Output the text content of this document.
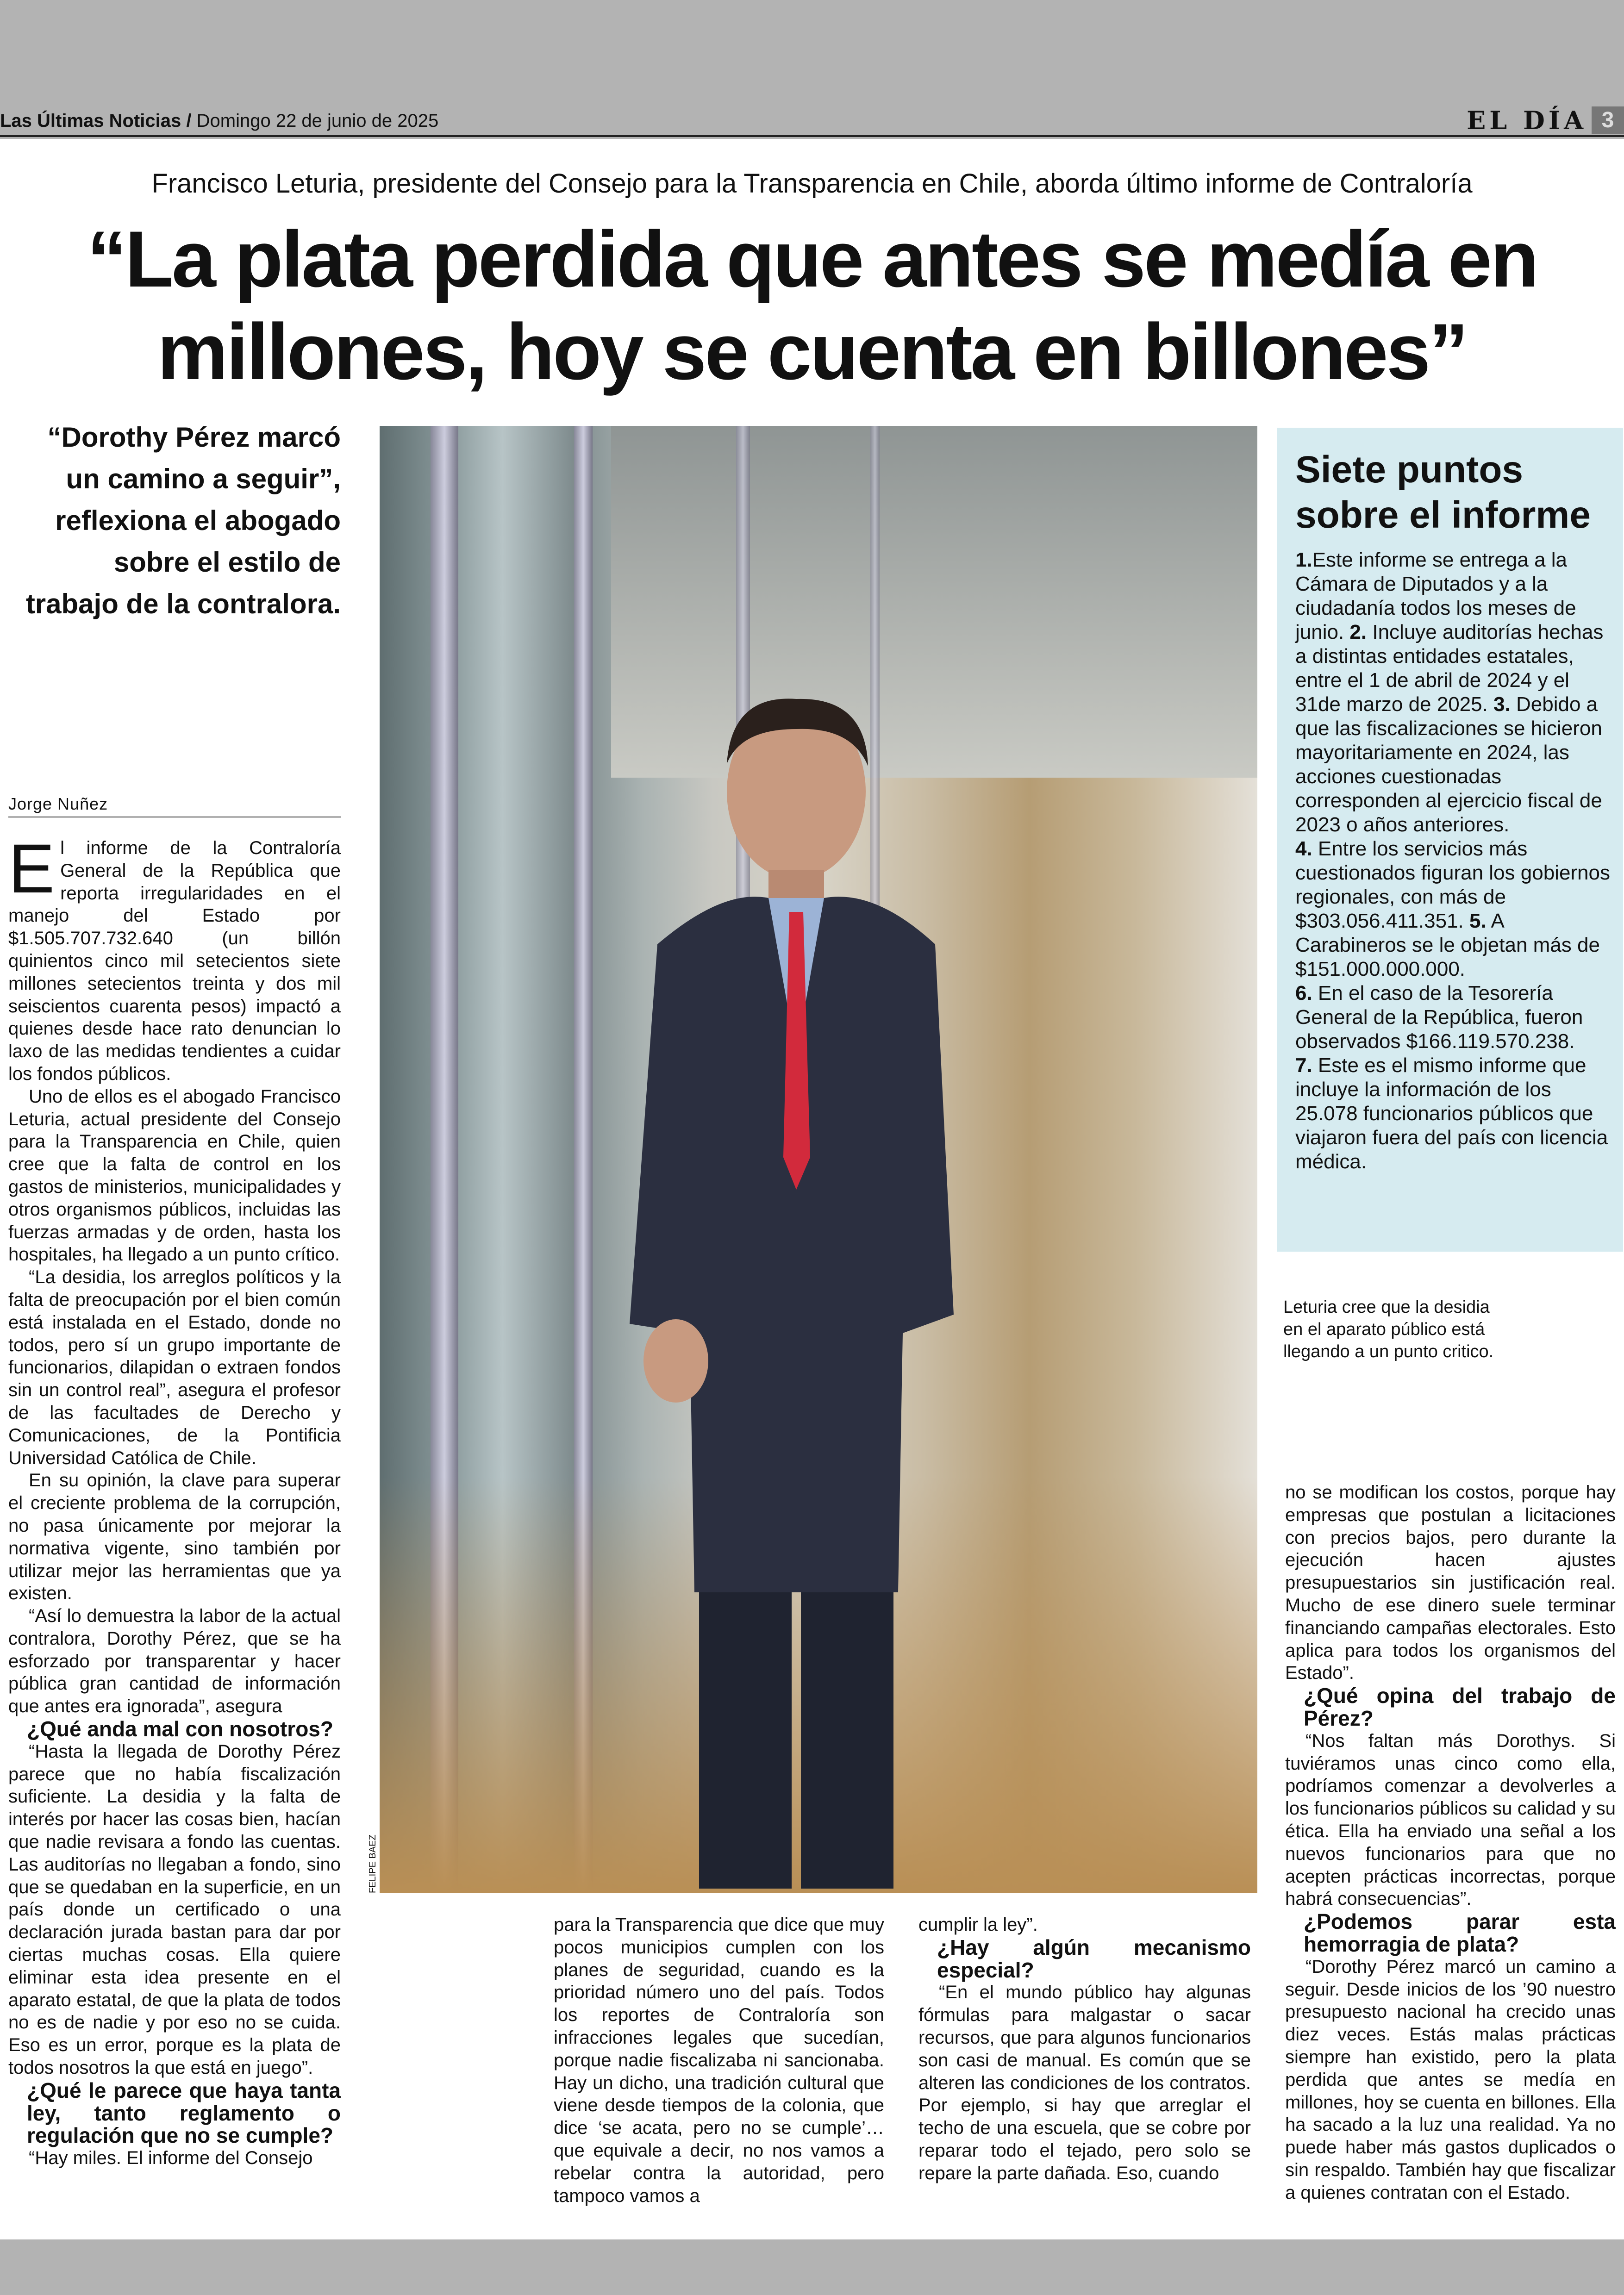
Las Últimas Noticias / Domingo 22 de junio de 2025	EL DÍA 3
Francisco Leturia, presidente del Consejo para la Transparencia en Chile, aborda último informe de Contraloría
“La plata perdida que antes se medía en
millones, hoy se cuenta en billones”
“Dorothy Pérez marcó un camino a seguir”, reflexiona el abogado sobre el estilo de trabajo de la contralora.
Jorge Nuñez

El informe de la Contraloría General de la República que reporta irregularidades en el manejo del Estado por $1.505.707.732.640 (un billón quinientos cinco mil setecientos siete millones setecientos treinta y dos mil seiscientos cuarenta pesos) impactó a quienes desde hace rato denuncian lo laxo de las medidas tendientes a cuidar los fondos públicos.

Uno de ellos es el abogado Francisco Leturia, actual presidente del Consejo para la Transparencia en Chile, quien cree que la falta de control en los gastos de ministerios, municipalidades y otros organismos públicos, incluidas las fuerzas armadas y de orden, hasta los hospitales, ha llegado a un punto crítico.

“La desidia, los arreglos políticos y la falta de preocupación por el bien común está instalada en el Estado, donde no todos, pero sí un grupo importante de funcionarios, dilapidan o extraen fondos sin un control real”, asegura el profesor de las facultades de Derecho y Comunicaciones, de la Pontificia Universidad Católica de Chile.

En su opinión, la clave para superar el creciente problema de la corrupción, no pasa únicamente por mejorar la normativa vigente, sino también por utilizar mejor las herramientas que ya existen.

“Así lo demuestra la labor de la actual contralora, Dorothy Pérez, que se ha esforzado por transparentar y hacer pública gran cantidad de información que antes era ignorada”, asegura

¿Qué anda mal con nosotros?

“Hasta la llegada de Dorothy Pérez parece que no había fiscalización suficiente. La desidia y la falta de interés por hacer las cosas bien, hacían que nadie revisara a fondo las cuentas. Las auditorías no llegaban a fondo, sino que se quedaban en la superficie, en un país donde un certificado o una declaración jurada bastan para dar por ciertas muchas cosas. Ella quiere eliminar esta idea presente en el aparato estatal, de que la plata de todos no es de nadie y por eso no se cuida. Eso es un error, porque es la plata de todos nosotros la que está en juego”.

¿Qué le parece que haya tanta ley, tanto reglamento o regulación que no se cumple?

“Hay miles. El informe del Consejo

FELIPE BAEZ
Siete puntos sobre el informe
1.Este informe se entrega a la Cámara de Diputados y a la ciudadanía todos los meses de junio. 2. Incluye auditorías hechas a distintas entidades estatales, entre el 1 de abril de 2024 y el 31de marzo de 2025. 3. Debido a que las fiscalizaciones se hicieron mayoritariamente en 2024, las acciones cuestionadas corresponden al ejercicio fiscal de 2023 o años anteriores.
4. Entre los servicios más cuestionados figuran los gobiernos regionales, con más de $303.056.411.351. 5. A Carabineros se le objetan más de $151.000.000.000.
6. En el caso de la Tesorería General de la República, fueron observados $166.119.570.238.
7. Este es el mismo informe que incluye la información de los 25.078 funcionarios públicos que viajaron fuera del país con licencia médica.
Leturia cree que la desidia en el aparato público está llegando a un punto critico.

para la Transparencia que dice que muy pocos municipios cumplen con los planes de seguridad, cuando es la prioridad número uno del país. Todos los reportes de Contraloría son infracciones legales que sucedían, porque nadie fiscalizaba ni sancionaba. Hay un dicho, una tradición cultural que viene desde tiempos de la colonia, que dice ‘se acata, pero no se cumple’… que equivale a decir, no nos vamos a rebelar contra la autoridad, pero tampoco vamos a

cumplir la ley”.

¿Hay algún mecanismo especial?

“En el mundo público hay algunas fórmulas para malgastar o sacar recursos, que para algunos funcionarios son casi de manual. Es común que se alteren las condiciones de los contratos. Por ejemplo, si hay que arreglar el techo de una escuela, que se cobre por reparar todo el tejado, pero solo se repare la parte dañada. Eso, cuando

no se modifican los costos, porque hay empresas que postulan a licitaciones con precios bajos, pero durante la ejecución hacen ajustes presupuestarios sin justificación real. Mucho de ese dinero suele terminar financiando campañas electorales. Esto aplica para todos los organismos del Estado”.

¿Qué opina del trabajo de Pérez?

“Nos faltan más Dorothys. Si tuviéramos unas cinco como ella, podríamos comenzar a devolverles a los funcionarios públicos su calidad y su ética. Ella ha enviado una señal a los nuevos funcionarios para que no acepten prácticas incorrectas, porque habrá consecuencias”.

¿Podemos parar esta hemorragia de plata?

“Dorothy Pérez marcó un camino a seguir. Desde inicios de los ’90 nuestro presupuesto nacional ha crecido unas diez veces. Estás malas prácticas siempre han existido, pero la plata perdida que antes se medía en millones, hoy se cuenta en billones. Ella ha sacado a la luz una realidad. Ya no puede haber más gastos duplicados o sin respaldo. También hay que fiscalizar a quienes contratan con el Estado.
